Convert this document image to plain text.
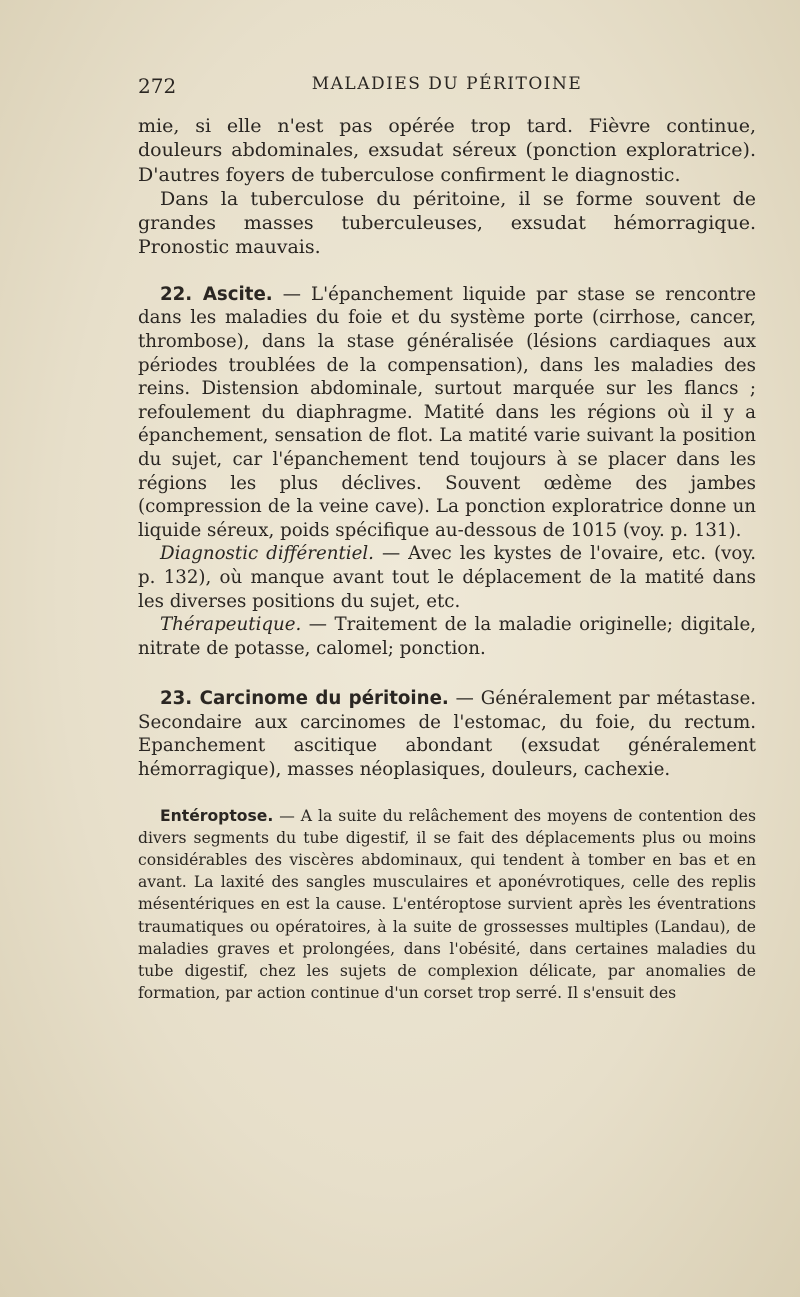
272	MALADIES DU PÉRITOINE

mie, si elle n'est pas opérée trop tard. Fièvre continue, douleurs abdominales, exsudat séreux (ponction exploratrice). D'autres foyers de tuberculose confirment le diagnostic.

Dans la tuberculose du péritoine, il se forme souvent de grandes masses tuberculeuses, exsudat hémorragique. Pronostic mauvais.

22. Ascite. — L'épanchement liquide par stase se rencontre dans les maladies du foie et du système porte (cirrhose, cancer, thrombose), dans la stase généralisée (lésions cardiaques aux périodes troublées de la compensation), dans les maladies des reins. Distension abdominale, surtout marquée sur les flancs ; refoulement du diaphragme. Matité dans les régions où il y a épanchement, sensation de flot. La matité varie suivant la position du sujet, car l'épanchement tend toujours à se placer dans les régions les plus déclives. Souvent œdème des jambes (compression de la veine cave). La ponction exploratrice donne un liquide séreux, poids spécifique au-dessous de 1015 (voy. p. 131).

Diagnostic différentiel. — Avec les kystes de l'ovaire, etc. (voy. p. 132), où manque avant tout le déplacement de la matité dans les diverses positions du sujet, etc.

Thérapeutique. — Traitement de la maladie originelle; digitale, nitrate de potasse, calomel; ponction.

23. Carcinome du péritoine. — Généralement par métastase. Secondaire aux carcinomes de l'estomac, du foie, du rectum. Epanchement ascitique abondant (exsudat généralement hémorragique), masses néoplasiques, douleurs, cachexie.

Entéroptose. — A la suite du relâchement des moyens de contention des divers segments du tube digestif, il se fait des déplacements plus ou moins considérables des viscères abdominaux, qui tendent à tomber en bas et en avant. La laxité des sangles musculaires et aponévrotiques, celle des replis mésentériques en est la cause. L'entéroptose survient après les éventrations traumatiques ou opératoires, à la suite de grossesses multiples (Landau), de maladies graves et prolongées, dans l'obésité, dans certaines maladies du tube digestif, chez les sujets de complexion délicate, par anomalies de formation, par action continue d'un corset trop serré. Il s'ensuit des
